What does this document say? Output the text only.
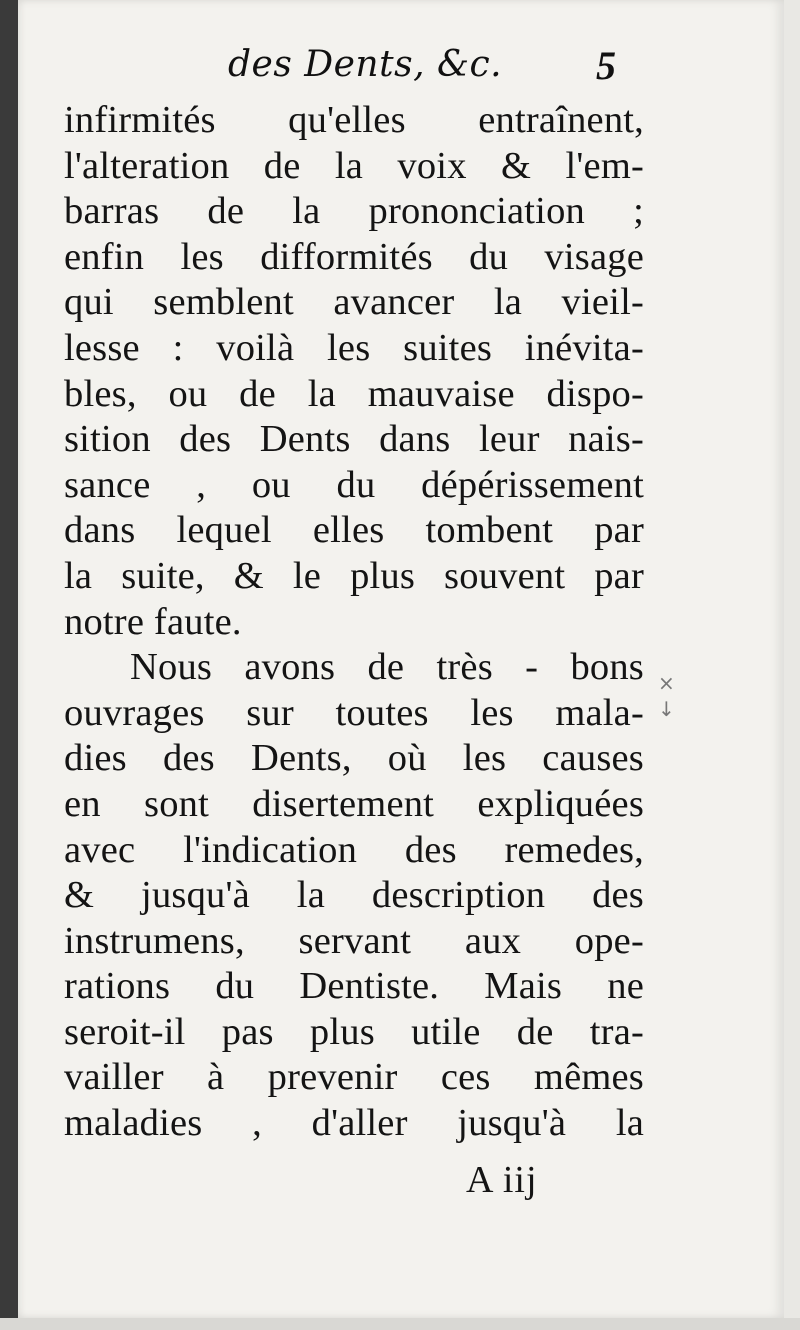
des Dents, &c. 5
infirmités qu'elles entraînent,
l'alteration de la voix & l'em-
barras de la prononciation ;
enfin les difformités du visage
qui semblent avancer la vieil-
lesse : voilà les suites inévita-
bles, ou de la mauvaise dispo-
sition des Dents dans leur nais-
sance , ou du dépérissement
dans lequel elles tombent par
la suite, & le plus souvent par
notre faute.
Nous avons de très - bons
ouvrages sur toutes les mala-
dies des Dents, où les causes
en sont disertement expliquées
avec l'indication des remedes,
& jusqu'à la description des
instrumens, servant aux ope-
rations du Dentiste. Mais ne
seroit-il pas plus utile de tra-
vailler à prevenir ces mêmes
maladies , d'aller jusqu'à la
A iij
×
↓
